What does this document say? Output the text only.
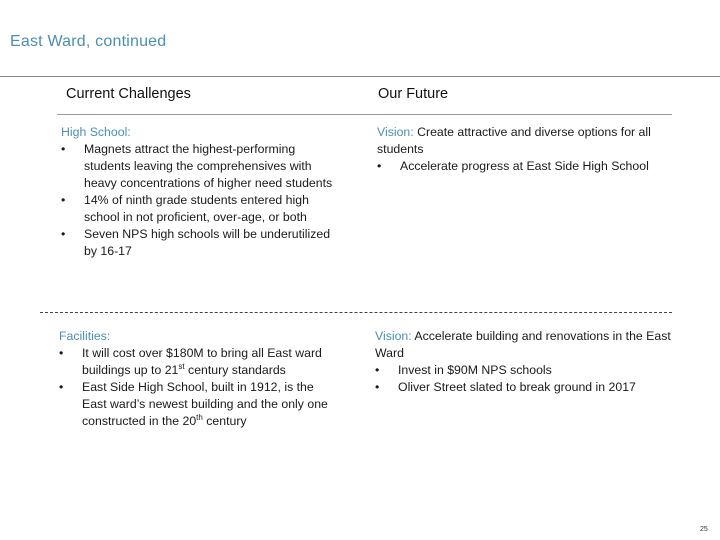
East Ward, continued
Current Challenges	Our Future
High School:
•	Magnets attract the highest-performing students leaving the comprehensives with heavy concentrations of higher need students
•	14% of ninth grade students entered high school in not proficient, over-age, or both
•	Seven NPS high schools will be underutilized by 16-17
Vision: Create attractive and diverse options for all students
•	Accelerate progress at East Side High School
Facilities:
•	It will cost over $180M to bring all East ward buildings up to 21st century standards
•	East Side High School, built in 1912, is the East ward’s newest building and the only one constructed in the 20th century
Vision: Accelerate building and renovations in the East Ward
•	Invest in $90M NPS schools
•	Oliver Street slated to break ground in 2017
25
